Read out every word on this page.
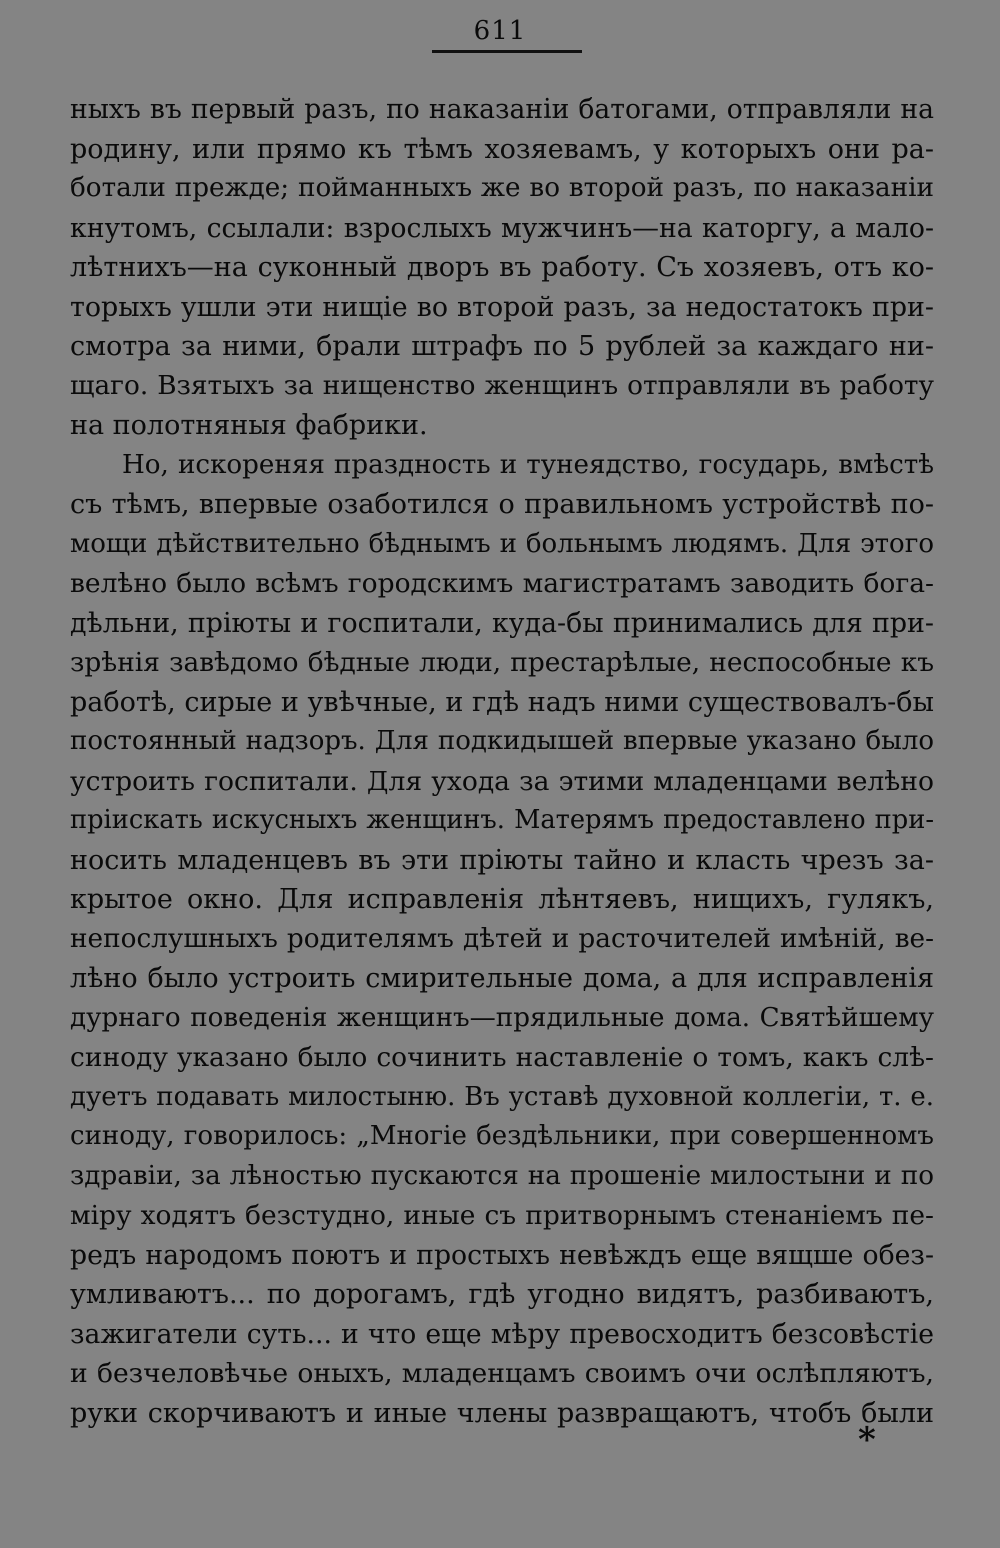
611
ныхъ въ первый разъ, по наказаніи батогами, отправляли на
родину, или прямо къ тѣмъ хозяевамъ, у которыхъ они ра-
ботали прежде; пойманныхъ же во второй разъ, по наказаніи
кнутомъ, ссылали: взрослыхъ мужчинъ—на каторгу, а мало-
лѣтнихъ—на суконный дворъ въ работу. Съ хозяевъ, отъ ко-
торыхъ ушли эти нищіе во второй разъ, за недостатокъ при-
смотра за ними, брали штрафъ по 5 рублей за каждаго ни-
щаго. Взятыхъ за нищенство женщинъ отправляли въ работу
на полотняныя фабрики.
Но, искореняя праздность и тунеядство, государь, вмѣстѣ
съ тѣмъ, впервые озаботился о правильномъ устройствѣ по-
мощи дѣйствительно бѣднымъ и больнымъ людямъ. Для этого
велѣно было всѣмъ городскимъ магистратамъ заводить бога-
дѣльни, пріюты и госпитали, куда-бы принимались для при-
зрѣнія завѣдомо бѣдные люди, престарѣлые, неспособные къ
работѣ, сирые и увѣчные, и гдѣ надъ ними существовалъ-бы
постоянный надзоръ. Для подкидышей впервые указано было
устроить госпитали. Для ухода за этими младенцами велѣно
пріискать искусныхъ женщинъ. Матерямъ предоставлено при-
носить младенцевъ въ эти пріюты тайно и класть чрезъ за-
крытое окно. Для исправленія лѣнтяевъ, нищихъ, гулякъ,
непослушныхъ родителямъ дѣтей и расточителей имѣній, ве-
лѣно было устроить смирительные дома, а для исправленія
дурнаго поведенія женщинъ—прядильные дома. Святѣйшему
синоду указано было сочинить наставленіе о томъ, какъ слѣ-
дуетъ подавать милостыню. Въ уставѣ духовной коллегіи, т. е.
синоду, говорилось: „Многіе бездѣльники, при совершенномъ
здравіи, за лѣностью пускаются на прошеніе милостыни и по
міру ходятъ безстудно, иные съ притворнымъ стенаніемъ пе-
редъ народомъ поютъ и простыхъ невѣждъ еще вящше обез-
умливаютъ... по дорогамъ, гдѣ угодно видятъ, разбиваютъ,
зажигатели суть... и что еще мѣру превосходитъ безсовѣстіе
и безчеловѣчье оныхъ, младенцамъ своимъ очи ослѣпляютъ,
руки скорчиваютъ и иные члены развращаютъ, чтобъ были
*
